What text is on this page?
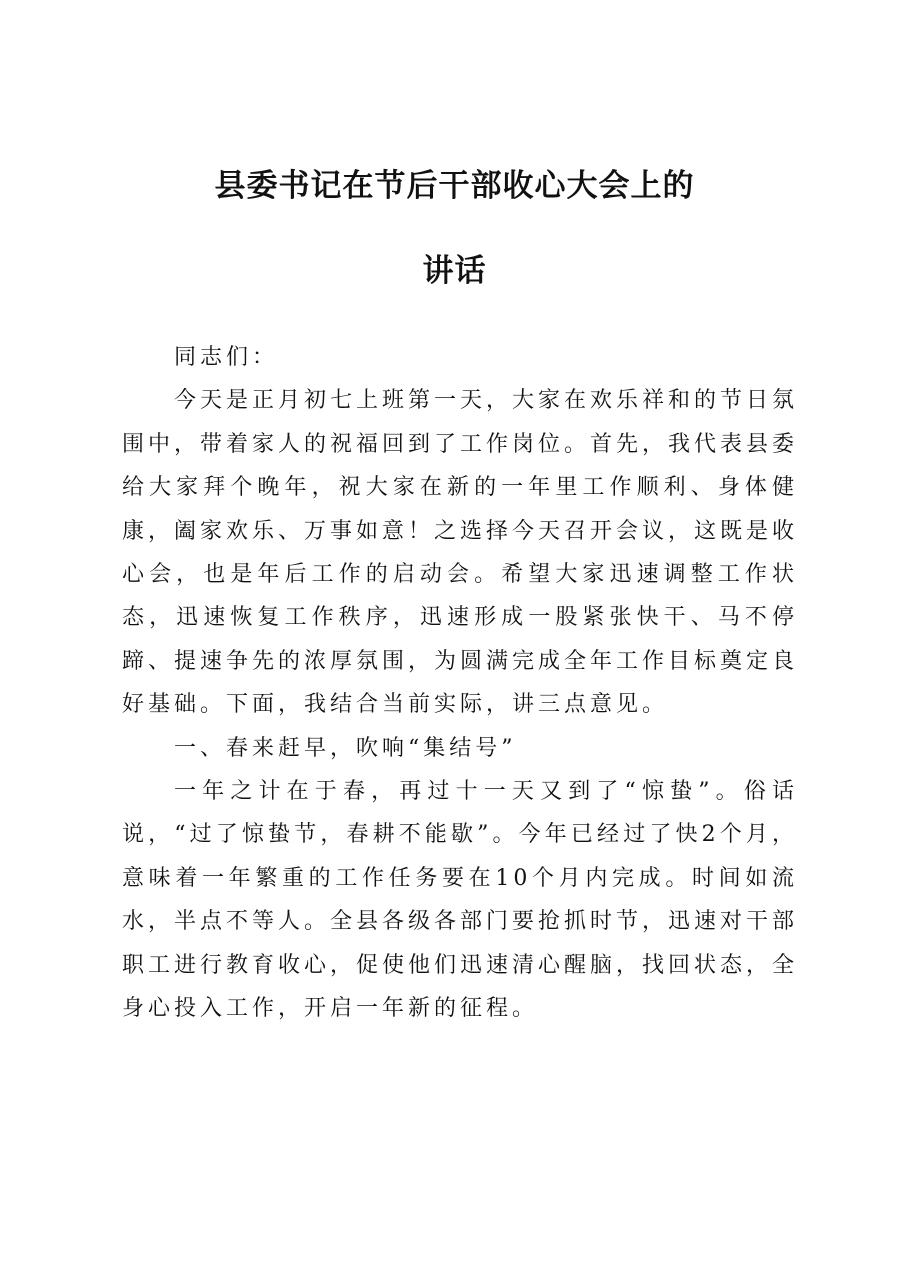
县委书记在节后干部收心大会上的
讲话

同志们：

今天是正月初七上班第一天，大家在欢乐祥和的节日氛围中，带着家人的祝福回到了工作岗位。首先，我代表县委给大家拜个晚年，祝大家在新的一年里工作顺利、身体健康，阖家欢乐、万事如意！之选择今天召开会议，这既是收心会，也是年后工作的启动会。希望大家迅速调整工作状态，迅速恢复工作秩序，迅速形成一股紧张快干、马不停蹄、提速争先的浓厚氛围，为圆满完成全年工作目标奠定良好基础。下面，我结合当前实际，讲三点意见。

一、春来赶早，吹响“集结号”

一年之计在于春，再过十一天又到了“惊蛰”。俗话说，“过了惊蛰节，春耕不能歇”。今年已经过了快2个月，意味着一年繁重的工作任务要在10个月内完成。时间如流水，半点不等人。全县各级各部门要抢抓时节，迅速对干部职工进行教育收心，促使他们迅速清心醒脑，找回状态，全身心投入工作，开启一年新的征程。
